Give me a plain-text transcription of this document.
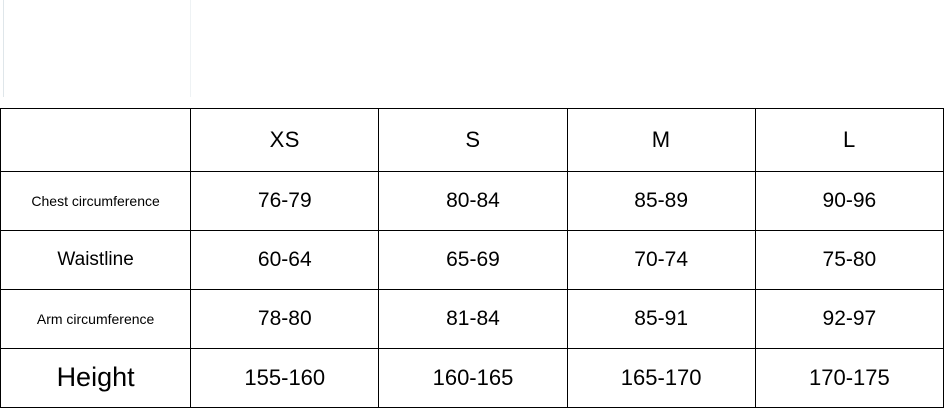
	XS	S	M	L
Chest circumference	76-79	80-84	85-89	90-96
Waistline	60-64	65-69	70-74	75-80
Arm circumference	78-80	81-84	85-91	92-97
Height	155-160	160-165	165-170	170-175
